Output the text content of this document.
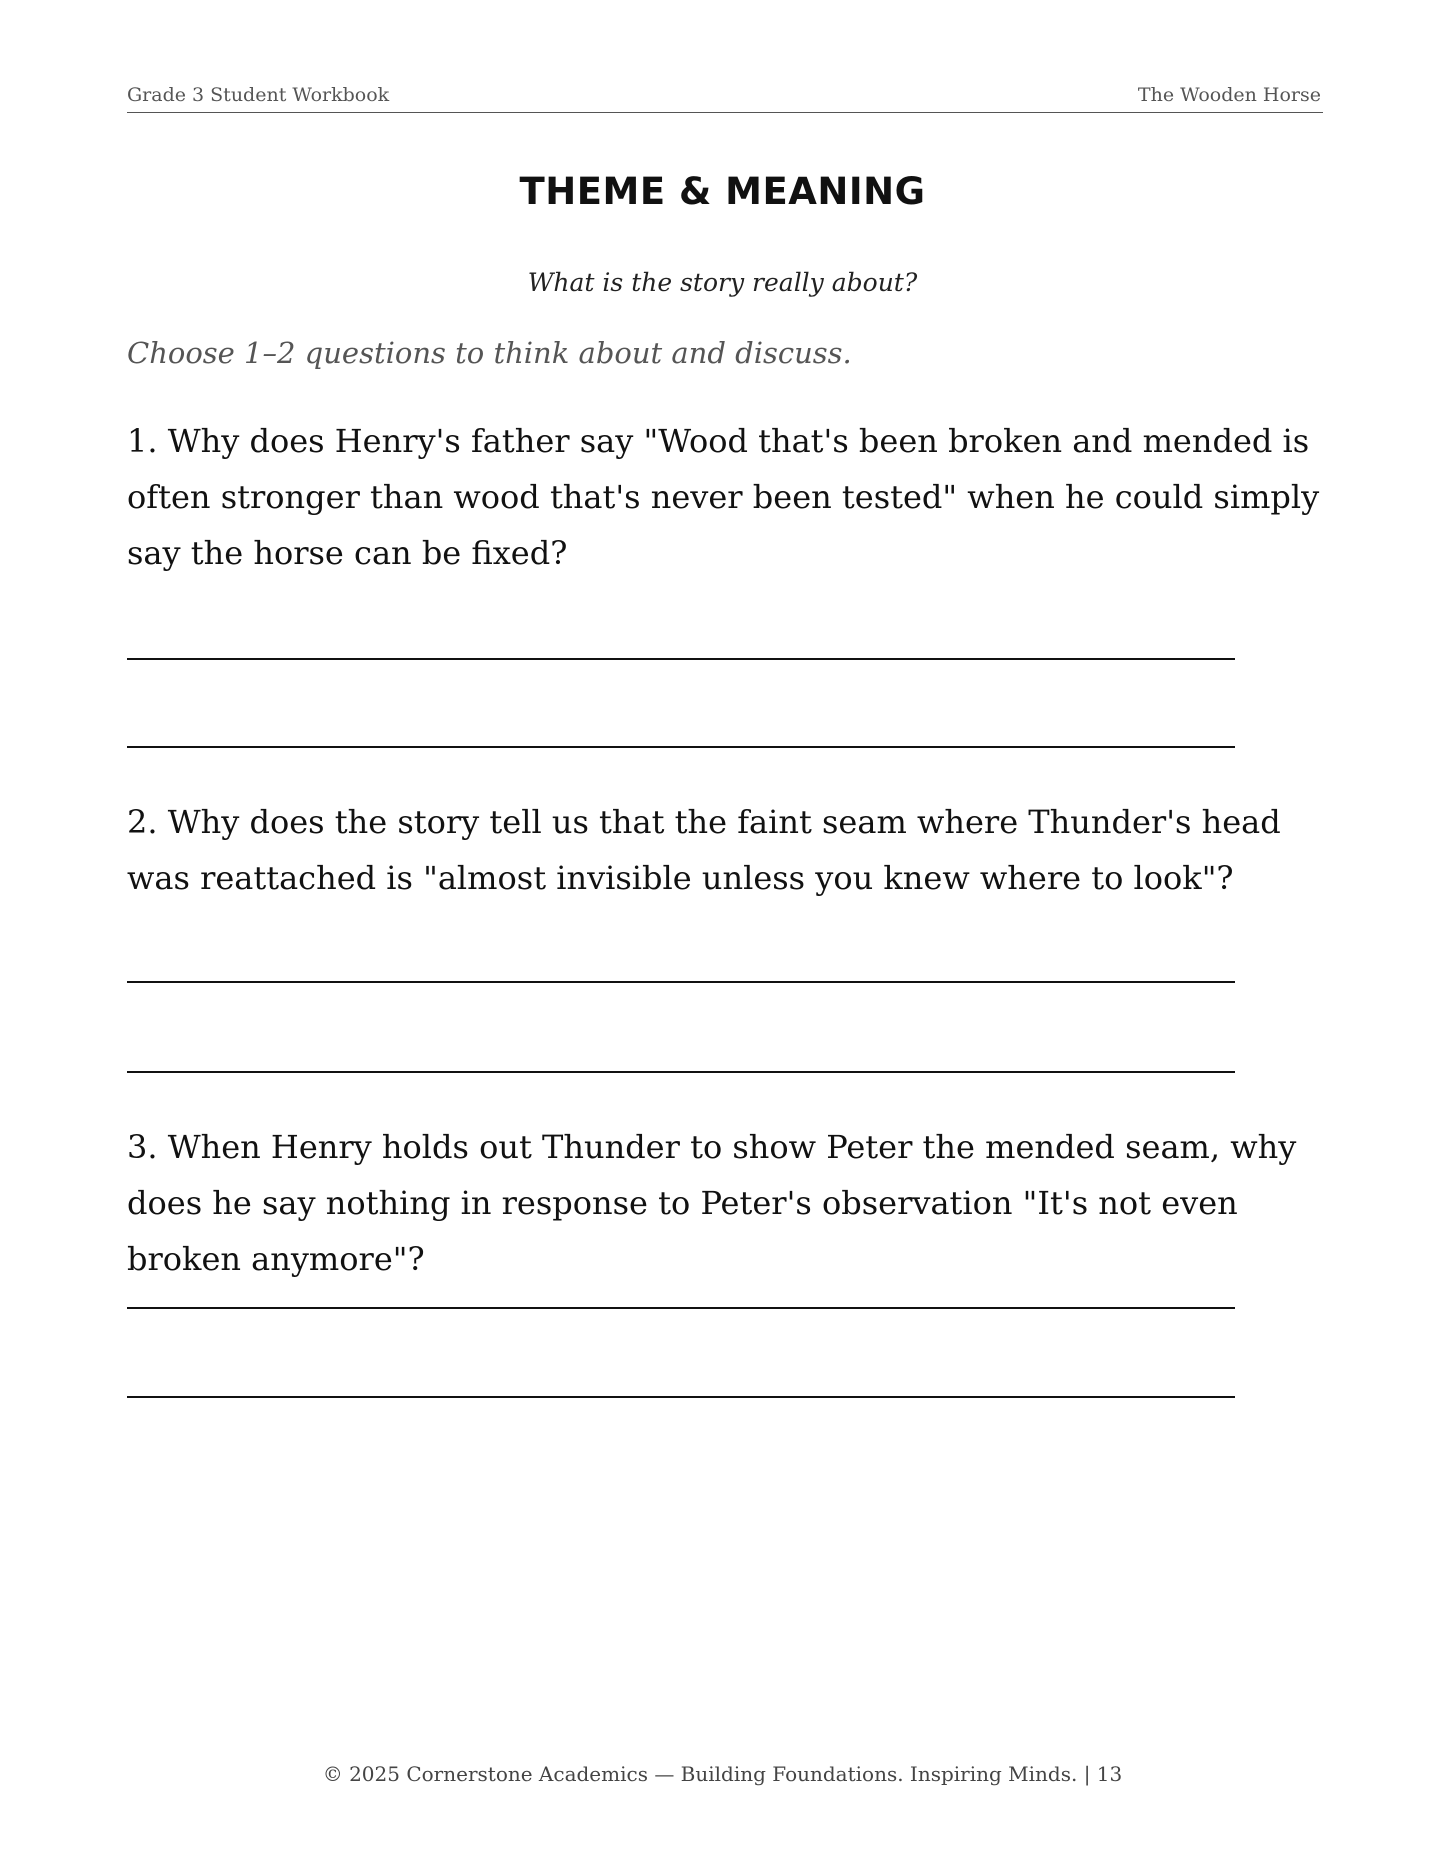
Grade 3 Student Workbook	The Wooden Horse
THEME & MEANING
What is the story really about?
Choose 1–2 questions to think about and discuss.
1. Why does Henry's father say "Wood that's been broken and mended is often stronger than wood that's never been tested" when he could simply say the horse can be fixed?
2. Why does the story tell us that the faint seam where Thunder's head was reattached is "almost invisible unless you knew where to look"?
3. When Henry holds out Thunder to show Peter the mended seam, why does he say nothing in response to Peter's observation "It's not even broken anymore"?
© 2025 Cornerstone Academics — Building Foundations. Inspiring Minds. | 13
